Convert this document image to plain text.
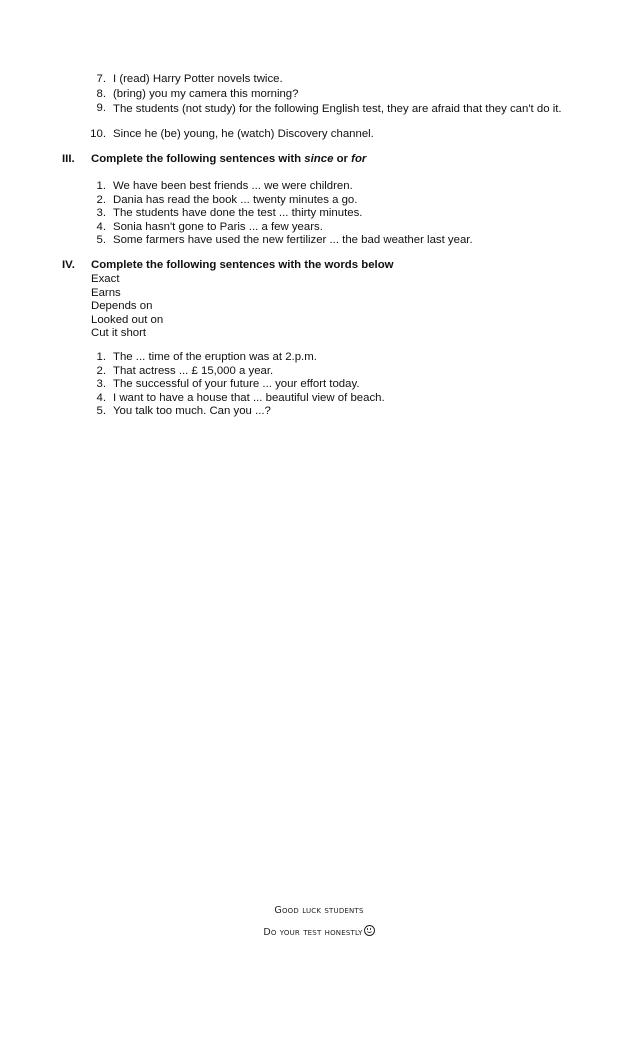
7. I (read) Harry Potter novels twice.
8. (bring) you my camera this morning?
9. The students (not study) for the following English test, they are afraid that they can't do it.
10. Since he (be) young, he (watch) Discovery channel.
III. Complete the following sentences with since or for
1. We have been best friends ... we were children.
2. Dania has read the book ... twenty minutes a go.
3. The students have done the test ... thirty minutes.
4. Sonia hasn't gone to Paris ... a few years.
5. Some farmers have used the new fertilizer ... the bad weather last year.
IV. Complete the following sentences with the words below
Exact
Earns
Depends on
Looked out on
Cut it short
1. The ... time of the eruption was at 2.p.m.
2. That actress ... £ 15,000 a year.
3. The successful of your future ... your effort today.
4. I want to have a house that ... beautiful view of beach.
5. You talk too much. Can you ...?
Good luck students
Do your test honestly
